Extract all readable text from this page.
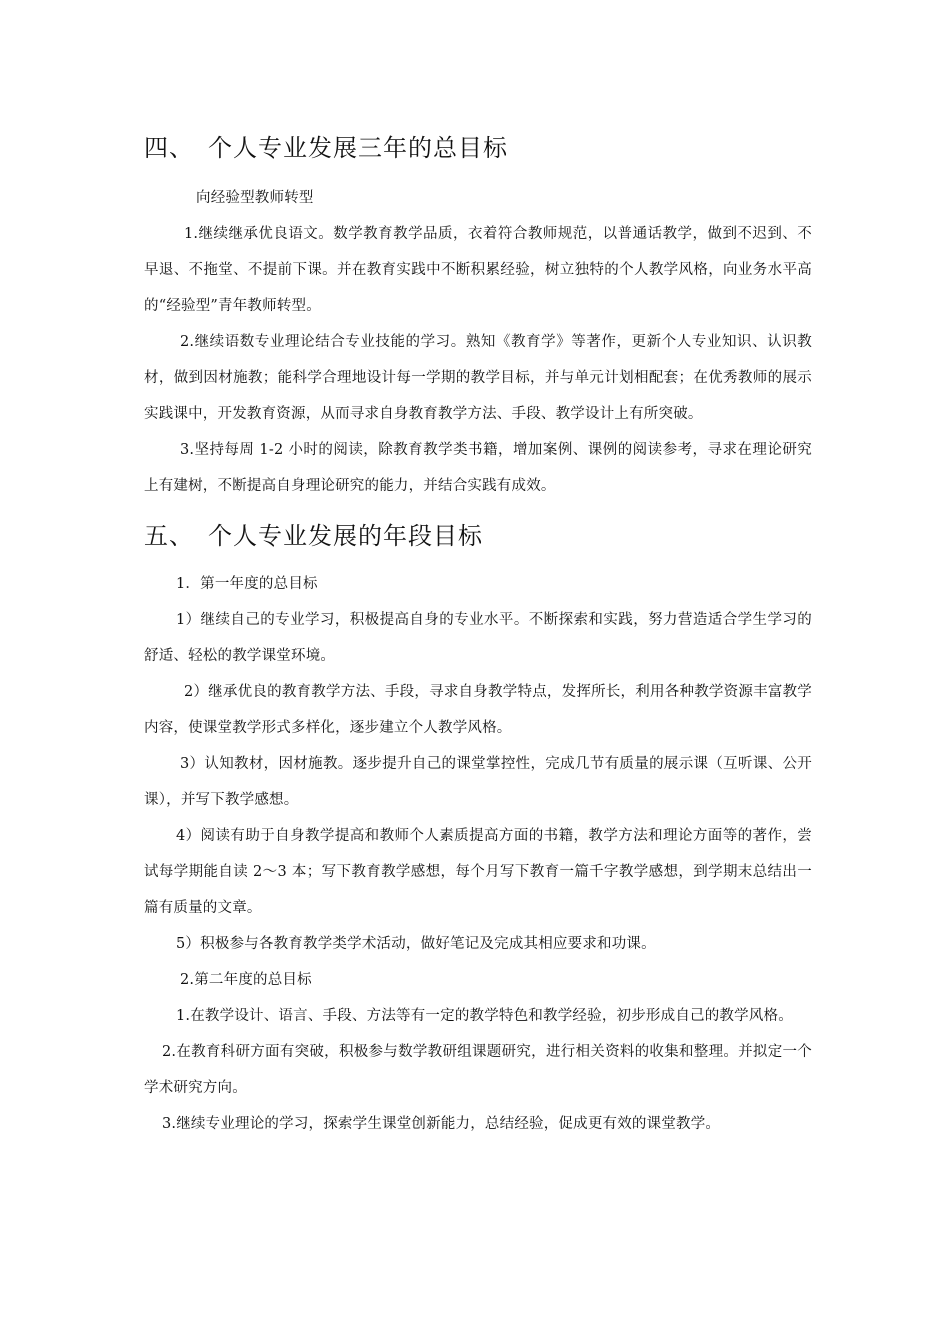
四、 个人专业发展三年的总目标

向经验型教师转型

1.继续继承优良语文。数学教育教学品质，衣着符合教师规范，以普通话教学，做到不迟到、不早退、不拖堂、不提前下课。并在教育实践中不断积累经验，树立独特的个人教学风格，向业务水平高的“经验型”青年教师转型。

2.继续语数专业理论结合专业技能的学习。熟知《教育学》等著作，更新个人专业知识、认识教材，做到因材施教；能科学合理地设计每一学期的教学目标，并与单元计划相配套；在优秀教师的展示实践课中，开发教育资源，从而寻求自身教育教学方法、手段、教学设计上有所突破。

3.坚持每周 1-2 小时的阅读，除教育教学类书籍，增加案例、课例的阅读参考，寻求在理论研究上有建树，不断提高自身理论研究的能力，并结合实践有成效。

五、 个人专业发展的年段目标

1．第一年度的总目标

1）继续自己的专业学习，积极提高自身的专业水平。不断探索和实践，努力营造适合学生学习的舒适、轻松的教学课堂环境。

2）继承优良的教育教学方法、手段，寻求自身教学特点，发挥所长，利用各种教学资源丰富教学内容，使课堂教学形式多样化，逐步建立个人教学风格。

3）认知教材，因材施教。逐步提升自己的课堂掌控性，完成几节有质量的展示课（互听课、公开课），并写下教学感想。

4）阅读有助于自身教学提高和教师个人素质提高方面的书籍，教学方法和理论方面等的著作，尝试每学期能自读 2～3 本；写下教育教学感想，每个月写下教育一篇千字教学感想，到学期末总结出一篇有质量的文章。

5）积极参与各教育教学类学术活动，做好笔记及完成其相应要求和功课。

2.第二年度的总目标

1.在教学设计、语言、手段、方法等有一定的教学特色和教学经验，初步形成自己的教学风格。

2.在教育科研方面有突破，积极参与数学教研组课题研究，进行相关资料的收集和整理。并拟定一个学术研究方向。

3.继续专业理论的学习，探索学生课堂创新能力，总结经验，促成更有效的课堂教学。
